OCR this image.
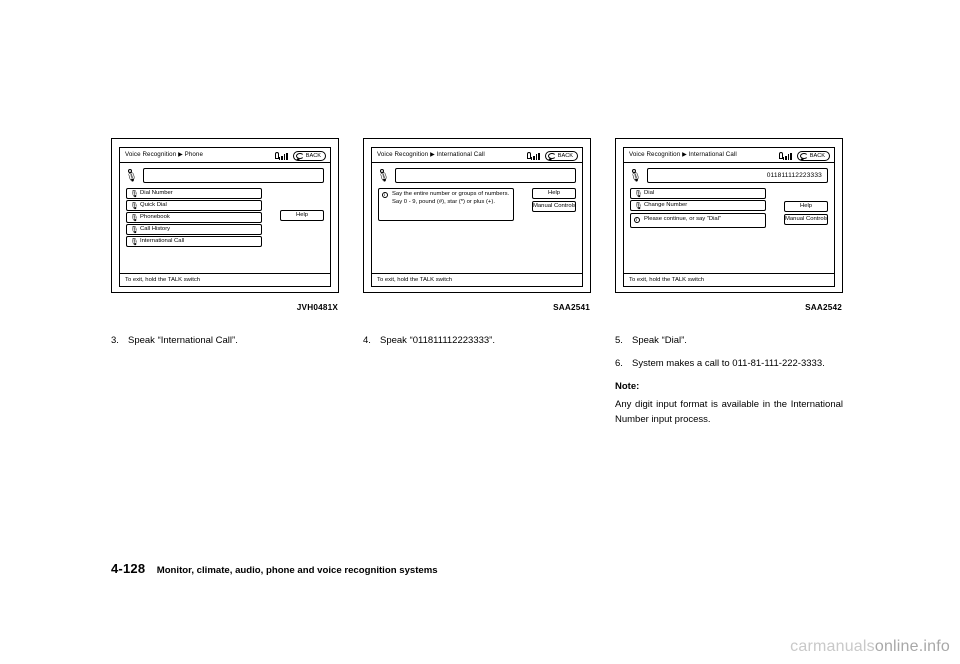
Voice Recognition ▶ Phone	BACK
🎙
🎙 Dial Number
🎙 Quick Dial
🎙 Phonebook
🎙 Call History
🎙 International Call
Help
To exit, hold the TALK switch
JVH0481X
Voice Recognition ▶ International Call	BACK
🎙
i	Say the entire number or groups of numbers. Say 0 - 9, pound (#), star (*) or plus (+).
Help
Manual Controls
To exit, hold the TALK switch
SAA2541
Voice Recognition ▶ International Call	BACK
🎙	011811112223333
🎙 Dial
🎙 Change Number
i	Please continue, or say “Dial”
Help
Manual Controls
To exit, hold the TALK switch
SAA2542
3. Speak “International Call”.	4. Speak “011811112223333”.	5. Speak “Dial”.
6. System makes a call to 011-81-111-222-3333.
Note:
Any digit input format is available in the International Number input process.
4-128 Monitor, climate, audio, phone and voice recognition systems
carmanualsonline.info
